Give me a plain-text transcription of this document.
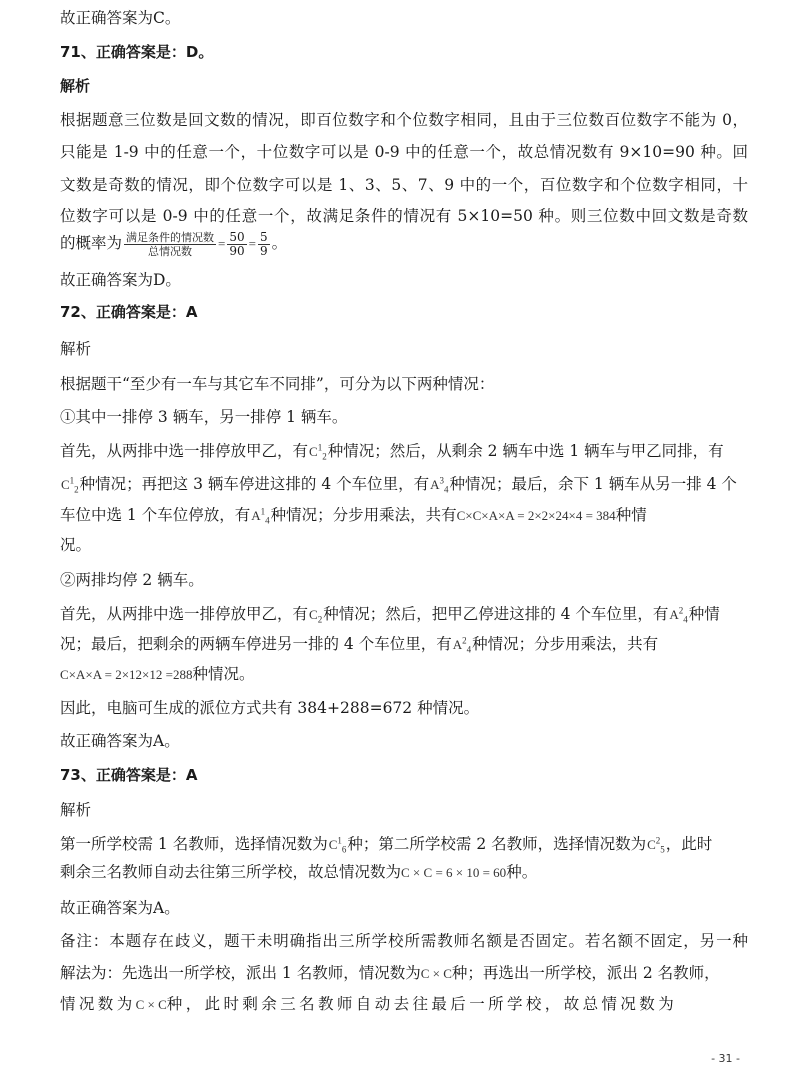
故正确答案为C。
71、正确答案是：D。
解析
根据题意三位数是回文数的情况，即百位数字和个位数字相同，且由于三位数百位数字不能为 0，
只能是 1-9 中的任意一个，十位数字可以是 0-9 中的任意一个，故总情况数有 9×10=90 种。回
文数是奇数的情况，即个位数字可以是 1、3、5、7、9 中的一个，百位数字和个位数字相同，十
位数字可以是 0-9 中的任意一个，故满足条件的情况有 5×10=50 种。则三位数中回文数是奇数
的概率为 $\frac{\text{满足条件的情况数}}{\text{总情况数}} = \frac{50}{90} = \frac{5}{9}$ 。
故正确答案为D。
72、正确答案是：A
解析
根据题干“至少有一车与其它车不同排”，可分为以下两种情况：
①其中一排停 3 辆车，另一排停 1 辆车。
首先，从两排中选一排停放甲乙，有$C^1_2$种情况；然后，从剩余 2 辆车中选 1 辆车与甲乙同排，有
$C^1_2$种情况；再把这 3 辆车停进这排的 4 个车位里，有$A^3_4$种情况；最后，余下 1 辆车从另一排 4 个
车位中选 1 个车位停放，有$A^1_4$种情况；分步用乘法，共有C×C×A×A = 2×2×24×4 = 384种情
况。
②两排均停 2 辆车。
首先，从两排中选一排停放甲乙，有$C_2$种情况；然后，把甲乙停进这排的 4 个车位里，有$A^2_4$种情
况；最后，把剩余的两辆车停进另一排的 4 个车位里，有$A^2_4$种情况；分步用乘法，共有
C×A×A = 2×12×12 =288种情况。
因此，电脑可生成的派位方式共有 384+288=672 种情况。
故正确答案为A。
73、正确答案是：A
解析
第一所学校需 1 名教师，选择情况数为$C^1_6$种；第二所学校需 2 名教师，选择情况数为$C^2_5$，此时
剩余三名教师自动去往第三所学校，故总情况数为C × C = 6 × 10 = 60种。
故正确答案为A。
备注：本题存在歧义，题干未明确指出三所学校所需教师名额是否固定。若名额不固定，另一种
解法为：先选出一所学校，派出 1 名教师，情况数为C × C种；再选出一所学校，派出 2 名教师，
情况数为C × C种，此时剩余三名教师自动去往最后一所学校，故总情况数为
- 31 -
